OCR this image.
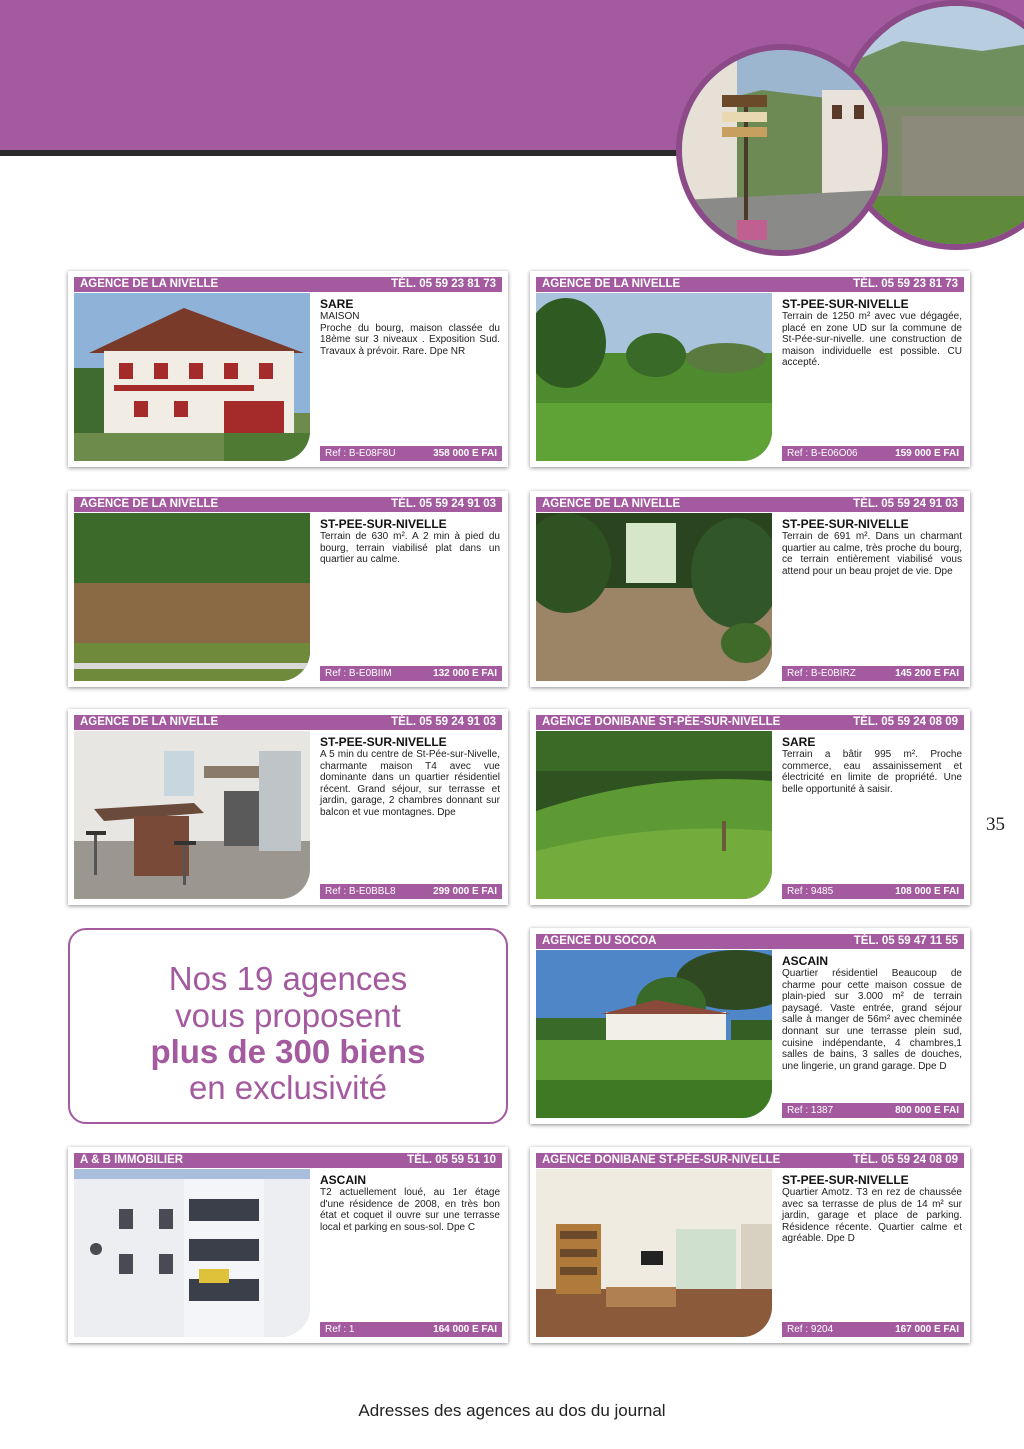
AGENCE DE LA NIVELLE	TÉL. 05 59 23 81 73
SARE
MAISON
Proche du bourg, maison classée du 18ème sur 3 niveaux . Exposition Sud. Travaux à prévoir. Rare. Dpe NR
Ref : B-E08F8U	358 000 E FAI
AGENCE DE LA NIVELLE	TÉL. 05 59 23 81 73
ST-PEE-SUR-NIVELLE
Terrain de 1250 m² avec vue dégagée, placé en zone UD sur la commune de St-Pée-sur-nivelle. une construction de maison individuelle est possible. CU accepté.
Ref : B-E06O06	159 000 E FAI
AGENCE DE LA NIVELLE	TÉL. 05 59 24 91 03
ST-PEE-SUR-NIVELLE
Terrain de 630 m². A 2 min à pied du bourg, terrain viabilisé plat dans un quartier au calme.
Ref : B-E0BIIM	132 000 E FAI
AGENCE DE LA NIVELLE	TÉL. 05 59 24 91 03
ST-PEE-SUR-NIVELLE
Terrain de 691 m². Dans un charmant quartier au calme, très proche du bourg, ce terrain entièrement viabilisé vous attend pour un beau projet de vie. Dpe
Ref : B-E0BIRZ	145 200 E FAI
AGENCE DE LA NIVELLE	TÉL. 05 59 24 91 03
ST-PEE-SUR-NIVELLE
A 5 min du centre de St-Pée-sur-Nivelle, charmante maison T4 avec vue dominante dans un quartier résidentiel récent. Grand séjour, sur terrasse et jardin, garage, 2 chambres donnant sur balcon et vue montagnes. Dpe
Ref : B-E0BBL8	299 000 E FAI
AGENCE DONIBANE ST-PÉE-SUR-NIVELLE	TÉL. 05 59 24 08 09
SARE
Terrain a bâtir 995 m². Proche commerce, eau assainissement et électricité en limite de propriété. Une belle opportunité à saisir.
Ref : 9485	108 000 E FAI
Nos 19 agences
vous proposent
plus de 300 biens
en exclusivité
AGENCE DU SOCOA	TÉL. 05 59 47 11 55
ASCAIN
Quartier résidentiel Beaucoup de charme pour cette maison cossue de plain-pied sur 3.000 m² de terrain paysagé. Vaste entrée, grand séjour salle à manger de 56m² avec cheminée donnant sur une terrasse plein sud, cuisine indépendante, 4 chambres,1 salles de bains, 3 salles de douches, une lingerie, un grand garage. Dpe D
Ref : 1387	800 000 E FAI
A & B IMMOBILIER	TÉL. 05 59 51 10
ASCAIN
T2 actuellement loué, au 1er étage d'une résidence de 2008, en très bon état et coquet il ouvre sur une terrasse local et parking en sous-sol. Dpe C
Ref : 1	164 000 E FAI
AGENCE DONIBANE ST-PÉE-SUR-NIVELLE	TÉL. 05 59 24 08 09
ST-PEE-SUR-NIVELLE
Quartier Amotz. T3 en rez de chaussée avec sa terrasse de plus de 14 m² sur jardin, garage et place de parking. Résidence récente. Quartier calme et agréable. Dpe D
Ref : 9204	167 000 E FAI
35
Adresses des agences au dos du journal
